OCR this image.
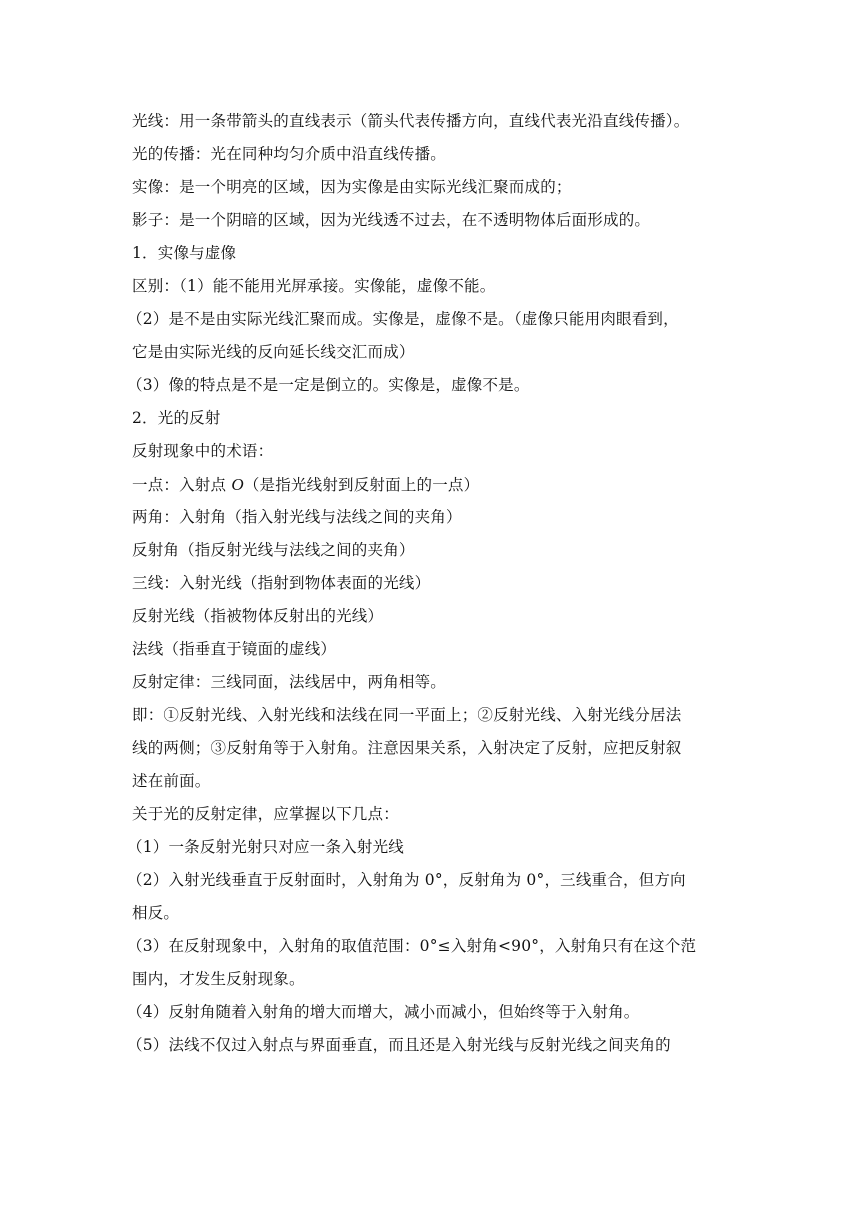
光线：用一条带箭头的直线表示（箭头代表传播方向，直线代表光沿直线传播）。
光的传播：光在同种均匀介质中沿直线传播。
实像：是一个明亮的区域，因为实像是由实际光线汇聚而成的；
影子：是一个阴暗的区域，因为光线透不过去，在不透明物体后面形成的。
1．实像与虚像
区别：（1）能不能用光屏承接。实像能，虚像不能。
（2）是不是由实际光线汇聚而成。实像是，虚像不是。（虚像只能用肉眼看到，
它是由实际光线的反向延长线交汇而成）
（3）像的特点是不是一定是倒立的。实像是，虚像不是。
2．光的反射
反射现象中的术语：
一点：入射点 O（是指光线射到反射面上的一点）
两角：入射角（指入射光线与法线之间的夹角）
反射角（指反射光线与法线之间的夹角）
三线：入射光线（指射到物体表面的光线）
反射光线（指被物体反射出的光线）
法线（指垂直于镜面的虚线）
反射定律：三线同面，法线居中，两角相等。
即：①反射光线、入射光线和法线在同一平面上；②反射光线、入射光线分居法
线的两侧；③反射角等于入射角。注意因果关系，入射决定了反射，应把反射叙
述在前面。
关于光的反射定律，应掌握以下几点：
（1）一条反射光射只对应一条入射光线
（2）入射光线垂直于反射面时，入射角为 0°，反射角为 0°，三线重合，但方向
相反。
（3）在反射现象中，入射角的取值范围：0°≤入射角<90°，入射角只有在这个范
围内，才发生反射现象。
（4）反射角随着入射角的增大而增大，减小而减小，但始终等于入射角。
（5）法线不仅过入射点与界面垂直，而且还是入射光线与反射光线之间夹角的
